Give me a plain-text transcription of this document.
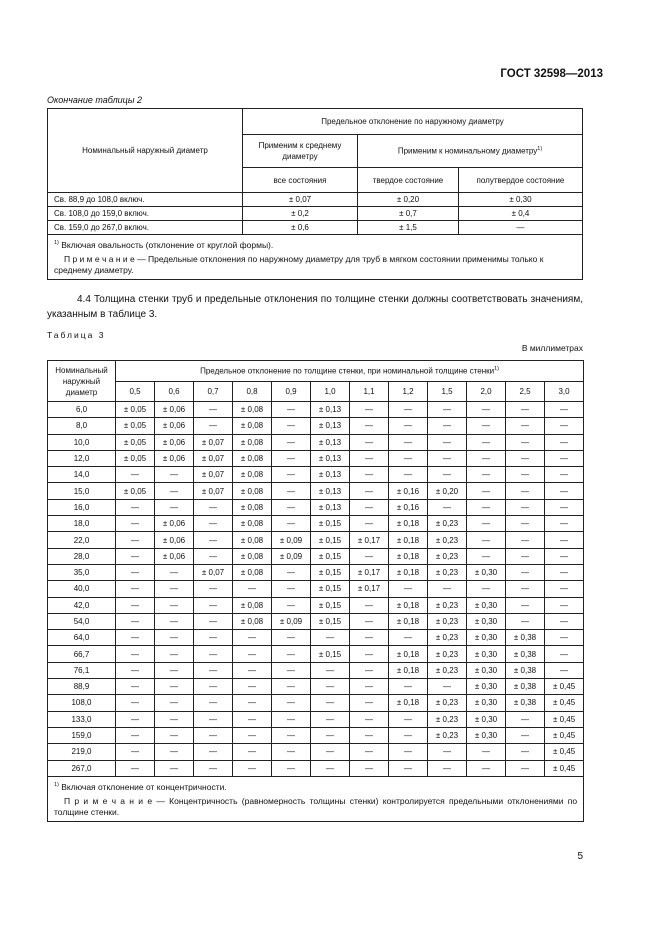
ГОСТ 32598—2013
Окончание таблицы 2
Номинальный наружный диаметр	Предельное отклонение по наружному диаметру		
	Применим к среднему диаметру	Применим к номинальному диаметру$^{1)}$
	все состояния	твердое состояние	полутвердое состояние
Св. 88,9 до 108,0 включ.	± 0,07	± 0,20	± 0,30
Св. 108,0 до 159,0 включ.	± 0,2	± 0,7	± 0,4
Св. 159,0 до 267,0 включ.	± 0,6	± 1,5	—

$^{1)}$ Включая овальность (отклонение от круглой формы).
П р и м е ч а н и е — Предельные отклонения по наружному диаметру для труб в мягком состоянии применимы только к среднему диаметру.			
4.4 Толщина стенки труб и предельные отклонения по толщине стенки должны соответствовать значениям, указанным в таблице 3.
Таблица 3
В миллиметрах
Номинальный наружный диаметр	Предельное отклонение по толщине стенки, при номинальной толщине стенки$^{1)}$
	0,5	0,6	0,7	0,8	0,9	1,0	1,1	1,2	1,5	2,0	2,5	3,0
6,0	± 0,05	± 0,06	—	± 0,08	—	± 0,13	—	—	—	—	—	—
8,0	± 0,05	± 0,06	—	± 0,08	—	± 0,13	—	—	—	—	—	—
10,0	± 0,05	± 0,06	± 0,07	± 0,08	—	± 0,13	—	—	—	—	—	—
12,0	± 0,05	± 0,06	± 0,07	± 0,08	—	± 0,13	—	—	—	—	—	—
14,0	—	—	± 0,07	± 0,08	—	± 0,13	—	—	—	—	—	—
15,0	± 0,05	—	± 0,07	± 0,08	—	± 0,13	—	± 0,16	± 0,20	—	—	—
16,0	—	—	—	± 0,08	—	± 0,13	—	± 0,16	—	—	—	—
18,0	—	± 0,06	—	± 0,08	—	± 0,15	—	± 0,18	± 0,23	—	—	—
22,0	—	± 0,06	—	± 0,08	± 0,09	± 0,15	± 0,17	± 0,18	± 0,23	—	—	—
28,0	—	± 0,06	—	± 0,08	± 0,09	± 0,15	—	± 0,18	± 0,23	—	—	—
35,0	—	—	± 0,07	± 0,08	—	± 0,15	± 0,17	± 0,18	± 0,23	± 0,30	—	—
40,0	—	—	—	—	—	± 0,15	± 0,17	—	—	—	—	—
42,0	—	—	—	± 0,08	—	± 0,15	—	± 0,18	± 0,23	± 0,30	—	—
54,0	—	—	—	± 0,08	± 0,09	± 0,15	—	± 0,18	± 0,23	± 0,30	—	—
64,0	—	—	—	—	—	—	—	—	± 0,23	± 0,30	± 0,38	—
66,7	—	—	—	—	—	± 0,15	—	± 0,18	± 0,23	± 0,30	± 0,38	—
76,1	—	—	—	—	—	—	—	± 0,18	± 0,23	± 0,30	± 0,38	—
88,9	—	—	—	—	—	—	—	—	—	± 0,30	± 0,38	± 0,45
108,0	—	—	—	—	—	—	—	± 0,18	± 0,23	± 0,30	± 0,38	± 0,45
133,0	—	—	—	—	—	—	—	—	± 0,23	± 0,30	—	± 0,45
159,0	—	—	—	—	—	—	—	—	± 0,23	± 0,30	—	± 0,45
219,0	—	—	—	—	—	—	—	—	—	—	—	± 0,45
267,0	—	—	—	—	—	—	—	—	—	—	—	± 0,45

$^{1)}$ Включая отклонение от концентричности.
П р и м е ч а н и е — Концентричность (равномерность толщины стенки) контролируется предельными отклонениями по толщине стенки.												
5
